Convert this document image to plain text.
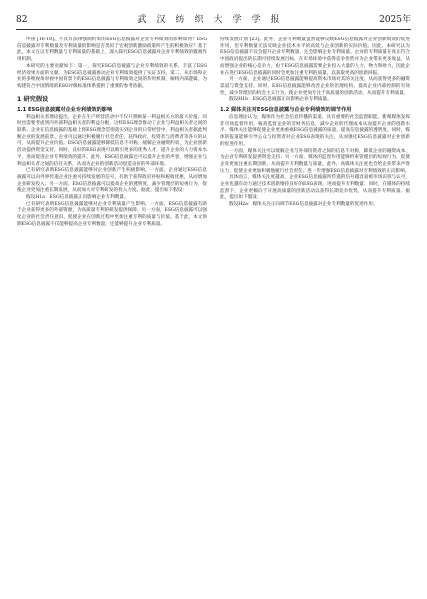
82	武汉纺织大学学报	2025年

中国 [16-18]。不具有法律强制约束的ESG信息披露对企业专利绩效的影响如何？ESG信息披露对专利数量及专利质量的影响是否类似于宏观创新激励政策所产生的积极效应？基于此，本文在以专利数量与专利质量的基础上，深入探究ESG信息披露对企业专利绩效的微观作用机制。

本研究的主要贡献如下：第一，探究ESG信息披露与企业专利绩效的关系，丰富了ESG经济效果方面的文献，为ESG信息披露推动企业专利绩效提供了实证支持。第二，从市场和企业的多维视角审视中国背景下的ESG信息披露与专利绩效之间的作用机制，解构内部逻辑，为构建符合中国情境的ESG评级标准体系提供了重要的参考依据。

1 研究假设
1.1 ESG信息披露对企业专利绩效的影响

利益相关者理论提出，企业在生产经营活动中不仅只照顾某一利益相关方的最大价值，同时也需要考虑到内外部利益相关者的利益分配，这样ESG理念推动了企业与利益相关者之间的联系。企业在信息披露的基础上将ESG理念贯彻落实到企业的日常经营中，利益相关者据此判断企业的发展前景。企业可以通过积极履行社会责任，获得政府、投资者与消费者等各方的认可，从而提升企业价值。ESG信息披露能够降低信息不对称，缓解企业融资约束，为企业创新活动提供资金支持。同时，良好的ESG表现可以吸引更多的优秀人才，提升企业的人力资本水平，进而促进企业专利绩效的提升。此外，ESG信息披露还可以提升企业的声誉，增强企业与利益相关者之间的信任关系，从而为企业的创新活动创造良好的外部环境。

已有研究表明ESG信息披露能够对企业创新产生积极影响。一方面，企业通过ESG信息披露可以向外界传递企业注重可持续发展的信号，有助于获得政府补贴和税收优惠，从而增加企业研发投入；另一方面，ESG信息披露可以提高企业的透明度，减少管理层的短视行为，促使企业更加注重长期发展，从而加大对专利研发的投入力度。据此，提出如下假设：

假设H1a：ESG信息披露正向影响企业专利数量。

已有研究表明ESG信息披露能够对企业专利质量产生影响。一方面，ESG信息披露有助于企业获得更多的外部资源，为高质量专利的研发提供保障；另一方面，ESG信息披露可以强化企业的社会责任意识，促使企业在创新过程中更加注重专利的质量与价值。基于此，本文预期ESG信息披露不仅能够提高企业专利数量，还能够提升企业专利质量。

持续发展计划 [23]。此外，企业专利数量虽然能够反映ESG信息披露对企业创新绩效的促进作用，但专利数量无法反映企业技术水平的高低与企业创新的实际价值。因此，本研究认为ESG信息披露不仅会提升企业专利数量，还会影响企业专利质量。企业的专利质量在真正符合中国政府提出的长期可持续发展目标，在市场环境中获得竞争优势并为企业带来更多收益，从而增强企业的核心竞争力。由于ESG信息披露需要企业投入大量的人力、物力和财力，因此企业在进行ESG信息披露的同时会更加注重专利的质量，以获取更高的创新回报。

另一方面，企业通过ESG信息披露能够提高资本市场对其的关注度，从而获得更多的融资渠道与资金支持。同时，ESG信息披露能够改善企业的治理结构，提高企业内部控制的有效性，减少管理层的机会主义行为，使企业更加专注于高质量的创新活动，从而提升专利质量。

假设H1b：ESG信息披露正向影响企业专利质量。

1.2 媒体关注对ESG信息披露与企业专利绩效的调节作用

信息理论认为，媒体作为社会信息传播的渠道，具有重要的社会监督职能。新闻媒体发挥非市场监督作用，核查监督企业的非财务信息，减少企业的代理成本从而提升企业的创新水平。媒体关注能够促使企业更加重视ESG信息披露的质量，提高信息披露的透明度。同时，媒体的报道能够引导公众与投资者对企业ESG表现的关注，从而强化ESG信息披露对企业创新的促进作用。

一方面，媒体关注可以缓解企业与外部投资者之间的信息不对称，降低企业的融资成本，为企业专利研发提供资金支持；另一方面，媒体的监督作用能够约束管理层的短视行为，促使企业更加注重长期创新，从而提升专利数量与质量。此外，高媒体关注度也会给企业带来声誉压力，促使企业更加积极地履行社会责任，进一步增强ESG信息披露对专利绩效的正向影响。

具体而言，媒体关注度越高，企业ESG信息披露所传递的信号越容易被市场识别与认可，企业也越有动力通过技术创新维持良好的ESG表现，进而提升专利数量；同时，在媒体的持续监督下，企业更倾向于开展高质量的创新活动以获得长期竞争优势，从而提升专利质量。据此，提出如下假设：

假设H2a：媒体关注正向调节ESG信息披露对企业专利数量的促进作用。
